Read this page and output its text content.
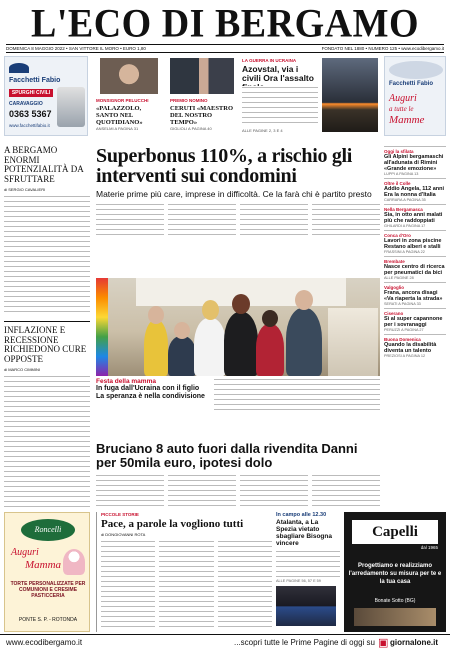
L'ECO DI BERGAMO
DOMENICA 8 MAGGIO 2022 • SAN VITTORE IL MORO • EURO 1,80	FONDATO NEL 1880 • NUMERO 125 • www.ecodibergamo.it
Facchetti Fabio
SPURGHI CIVILI
CARAVAGGIO
0363 5367
www.facchettifabio.it
MONSIGNOR PELUCCHI
«PALAZZOLO, SANTO NEL QUOTIDIANO»
ANSELMI A PAGINA 31
PREMIO NOMINO
CERUTI «MAESTRO DEL NOSTRO TEMPO»
GIGLIOLI A PAGINA 40
LA GUERRA IN UCRAINA
Azovstal, via i civili Ora l'assalto
ALLE PAGINE 2, 3 E 4
Facchetti Fabio
Auguri
a tutte le
Mamme
A BERGAMO ENORMI POTENZIALITÀ DA SFRUTTARE
di SERGIO CAVALIERI
INFLAZIONE E RECESSIONE RICHIEDONO CURE OPPOSTE
di MARCO CIMMINI
Superbonus 110%, a rischio gli interventi sui condomini
Materie prime più care, imprese in difficoltà. Ce la farà chi è partito presto
Festa della mamma
In fuga dall'Ucraina con il figlio La speranza è nella condivisione
Bruciano 8 auto fuori dalla rivendita Danni per 50mila euro, ipotesi dolo
Oggi la sfilata
Gli Alpini bergamaschi all'adunata di Rimini «Grande emozione»
LUPPI A PAGINA 13
Oltre il Colle
Addio Angela, 112 anni Era la nonna d'Italia
CARRARA A PAGINA 35
Nella Bergamasca
Sia, in otto anni malati più che raddoppiati
GHILARDI A PAGINA 17
Conca d'Oro
Lavori in zona piscine Restano alberi e stalli
FRASSINI A PAGINA 22
Brembate
Nasce centro di ricerca per pneumatici da bici
ALLE PAGINE 28
Valgoglio
Frana, ancora disagi «Va riaperta la strada»
SERATI A PAGINA 33
Ciserano
Sì al super capannone per i sovranaggi
PERUZZI A PAGINA 27
Buona Domenica
Quando la disabilità diventa un talento
PREZIOSI A PAGINA 12
Roncelli
Auguri
Mamma
TORTE PERSONALIZZATE PER COMUNIONI E CRESIME PASTICCERIA
PONTE S. P. - ROTONDA
PICCOLE STORIE
Pace, a parole la vogliono tutti
di DONGIOVANNI ROTA
In campo alle 12.30
Atalanta, a La Spezia vietato sbagliare Bisogna vincere
ALLE PAGINE 56, 57 E 59
Capelli
dal 1965
Progettiamo e realizziamo l'arredamento su misura per te e la tua casa
Bonate Sotto (BG)
www.ecodibergamo.it	...scopri tutte le Prime Pagine di oggi su ▣ giornalone.it
